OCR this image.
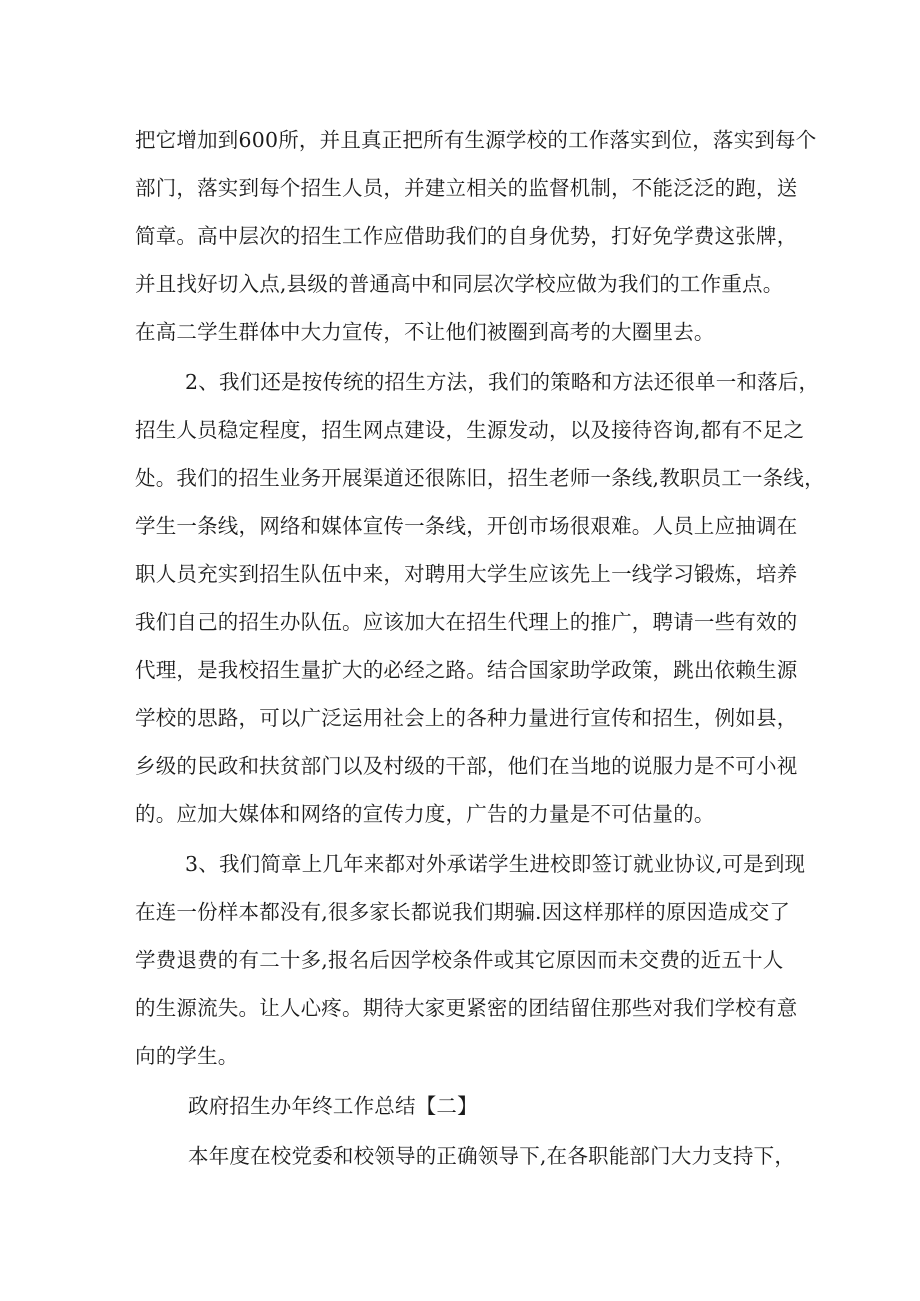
把它增加到600所，并且真正把所有生源学校的工作落实到位，落实到每个
部门，落实到每个招生人员，并建立相关的监督机制，不能泛泛的跑，送
简章。高中层次的招生工作应借助我们的自身优势，打好免学费这张牌，
并且找好切入点,县级的普通高中和同层次学校应做为我们的工作重点。
在高二学生群体中大力宣传，不让他们被圈到高考的大圈里去。
2、我们还是按传统的招生方法，我们的策略和方法还很单一和落后，
招生人员稳定程度，招生网点建设，生源发动，以及接待咨询,都有不足之
处。我们的招生业务开展渠道还很陈旧，招生老师一条线,教职员工一条线，
学生一条线，网络和媒体宣传一条线，开创市场很艰难。人员上应抽调在
职人员充实到招生队伍中来，对聘用大学生应该先上一线学习锻炼，培养
我们自己的招生办队伍。应该加大在招生代理上的推广，聘请一些有效的
代理，是我校招生量扩大的必经之路。结合国家助学政策，跳出依赖生源
学校的思路，可以广泛运用社会上的各种力量进行宣传和招生，例如县，
乡级的民政和扶贫部门以及村级的干部，他们在当地的说服力是不可小视
的。应加大媒体和网络的宣传力度，广告的力量是不可估量的。
3、我们简章上几年来都对外承诺学生进校即签订就业协议,可是到现
在连一份样本都没有,很多家长都说我们期骗.因这样那样的原因造成交了
学费退费的有二十多,报名后因学校条件或其它原因而未交费的近五十人
的生源流失。让人心疼。期待大家更紧密的团结留住那些对我们学校有意
向的学生。
政府招生办年终工作总结【二】
本年度在校党委和校领导的正确领导下,在各职能部门大力支持下，
